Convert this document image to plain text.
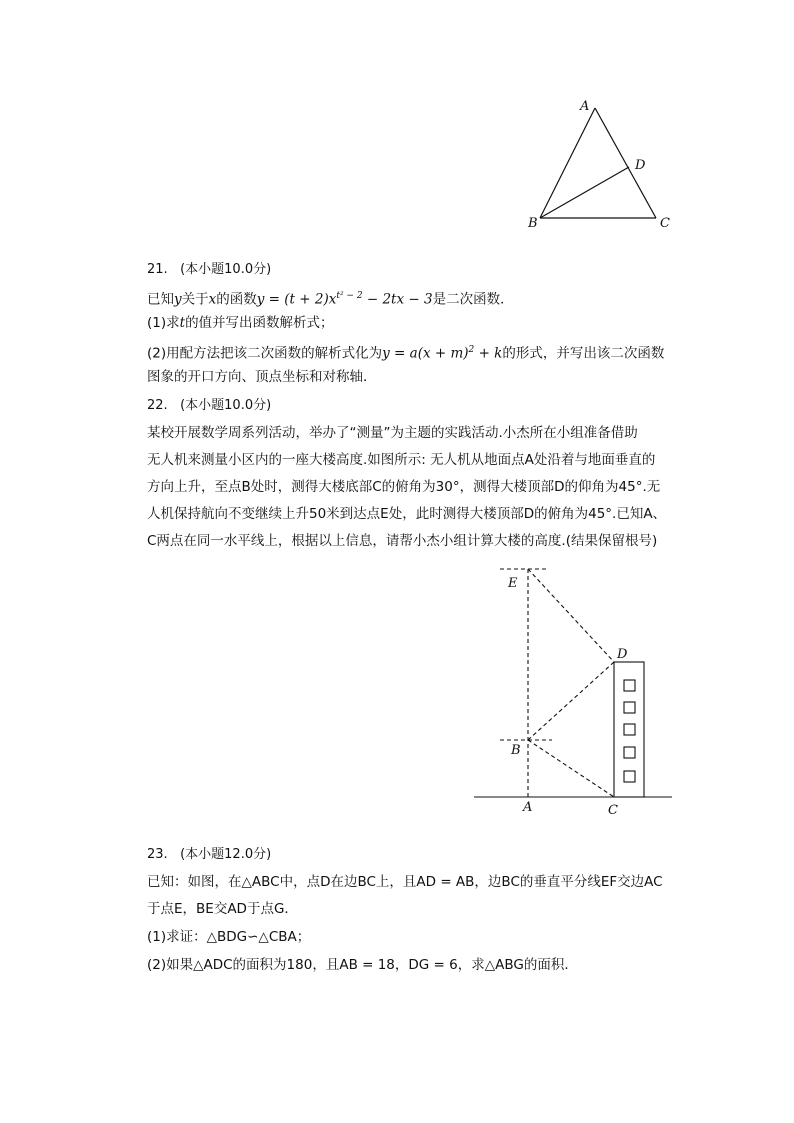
A
B	C
D
21. (本小题10.0分)
已知y关于x的函数$y = (t + 2)x^{t^2 - 2} - 2tx - 3$是二次函数．
(1)求t的值并写出函数解析式；
(2)用配方法把该二次函数的解析式化为$y = a(x + m)^2 + k$的形式，并写出该二次函数
图象的开口方向、顶点坐标和对称轴．
22. (本小题10.0分)
某校开展数学周系列活动，举办了“测量”为主题的实践活动.小杰所在小组准备借助
无人机来测量小区内的一座大楼高度.如图所示: 无人机从地面点A处沿着与地面垂直的
方向上升，至点B处时，测得大楼底部C的俯角为30°，测得大楼顶部D的仰角为45°.无
人机保持航向不变继续上升50米到达点E处，此时测得大楼顶部D的俯角为45°.已知A、
C两点在同一水平线上，根据以上信息，请帮小杰小组计算大楼的高度.(结果保留根号)
E
D
B
A	C
23. (本小题12.0分)
已知：如图，在△ABC中，点D在边BC上，且AD = AB，边BC的垂直平分线EF交边AC
于点E，BE交AD于点G．
(1)求证：△BDG∽△CBA；
(2)如果△ADC的面积为180，且AB = 18，DG = 6，求△ABG的面积．
